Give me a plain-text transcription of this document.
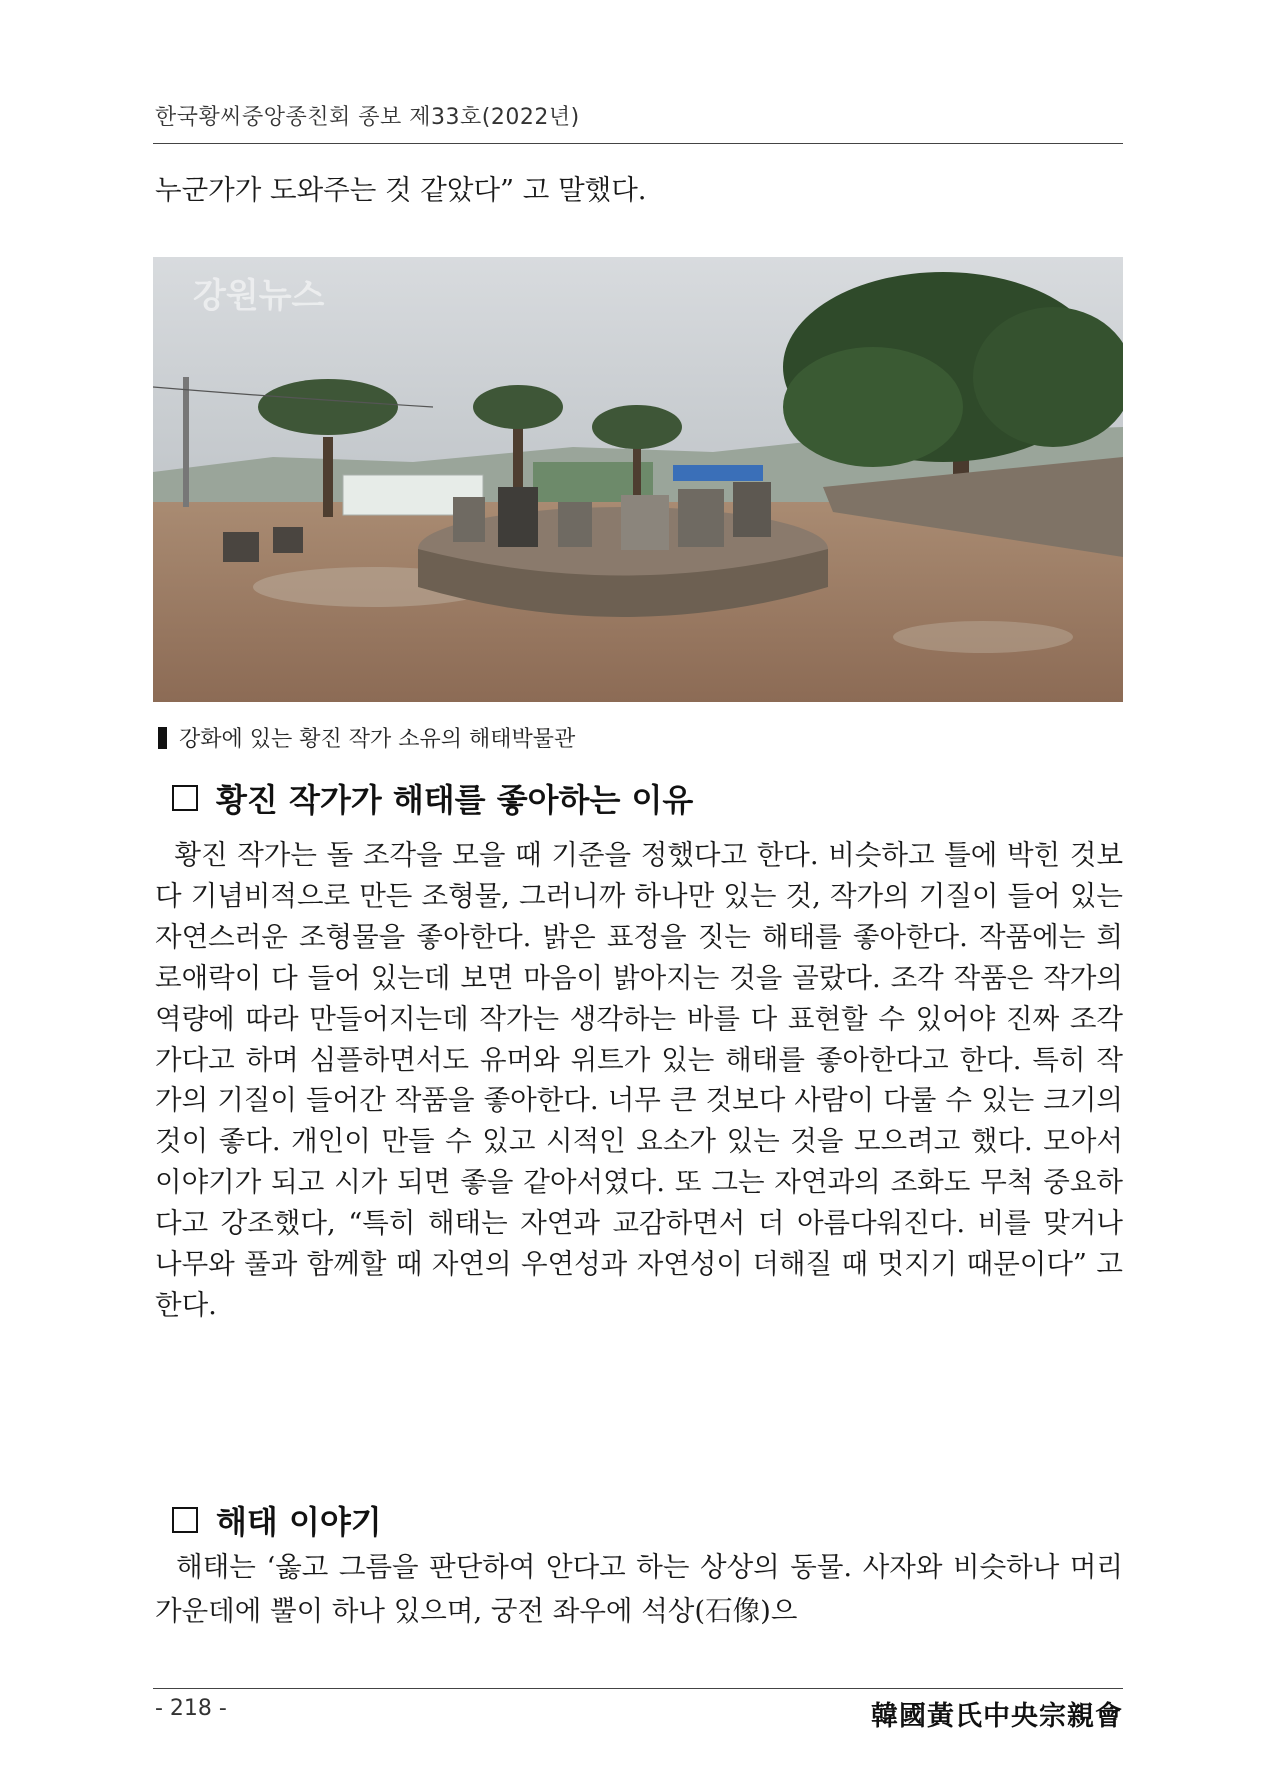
한국황씨중앙종친회 종보 제33호(2022년)

누군가가 도와주는 것 같았다” 고 말했다.

강원뉴스
강화에 있는 황진 작가 소유의 해태박물관
황진 작가가 해태를 좋아하는 이유

황진 작가는 돌 조각을 모을 때 기준을 정했다고 한다. 비슷하고 틀에 박힌 것보다 기념비적으로 만든 조형물, 그러니까 하나만 있는 것, 작가의 기질이 들어 있는 자연스러운 조형물을 좋아한다. 밝은 표정을 짓는 해태를 좋아한다. 작품에는 희로애락이 다 들어 있는데 보면 마음이 밝아지는 것을 골랐다. 조각 작품은 작가의 역량에 따라 만들어지는데 작가는 생각하는 바를 다 표현할 수 있어야 진짜 조각가다고 하며 심플하면서도 유머와 위트가 있는 해태를 좋아한다고 한다. 특히 작가의 기질이 들어간 작품을 좋아한다. 너무 큰 것보다 사람이 다룰 수 있는 크기의 것이 좋다. 개인이 만들 수 있고 시적인 요소가 있는 것을 모으려고 했다. 모아서 이야기가 되고 시가 되면 좋을 같아서였다. 또 그는 자연과의 조화도 무척 중요하다고 강조했다, “특히 해태는 자연과 교감하면서 더 아름다워진다. 비를 맞거나 나무와 풀과 함께할 때 자연의 우연성과 자연성이 더해질 때 멋지기 때문이다” 고 한다.

해태 이야기

해태는 ‘옳고 그름을 판단하여 안다고 하는 상상의 동물. 사자와 비슷하나 머리 가운데에 뿔이 하나 있으며, 궁전 좌우에 석상(石像)으

- 218 -	韓國黃氏中央宗親會
